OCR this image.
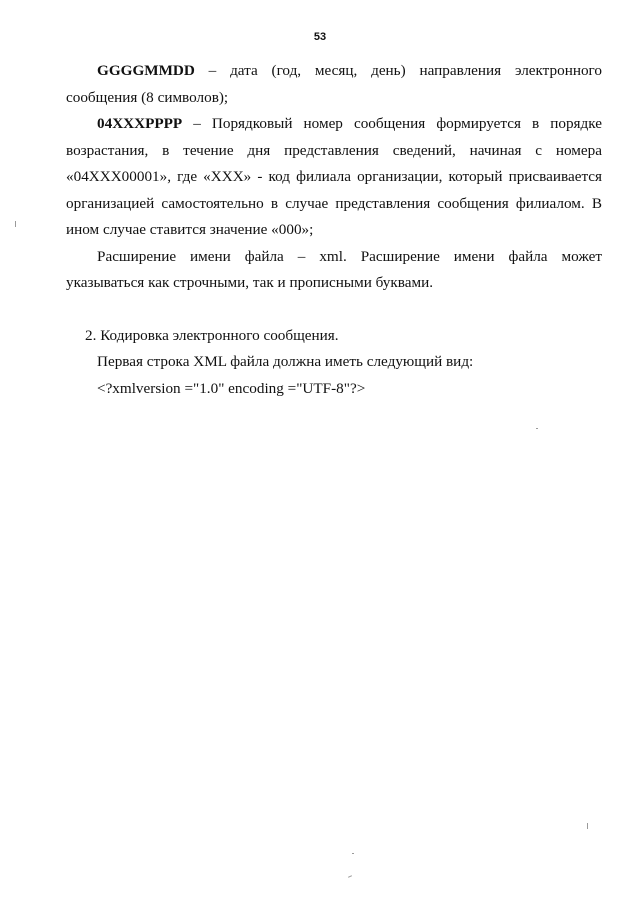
53

GGGGMMDD – дата (год, месяц, день) направления электронного сообщения (8 символов);

04XXXPPPP – Порядковый номер сообщения формируется в порядке возрастания, в течение дня представления сведений, начиная с номера «04XXX00001», где «XXX» - код филиала организации, который присваивается организацией самостоятельно в случае представления сообщения филиалом. В ином случае ставится значение «000»;

Расширение имени файла – xml. Расширение имени файла может указываться как строчными, так и прописными буквами.

2. Кодировка электронного сообщения.

Первая строка XML файла должна иметь следующий вид:

<?xmlversion ="1.0" encoding ="UTF-8"?>
